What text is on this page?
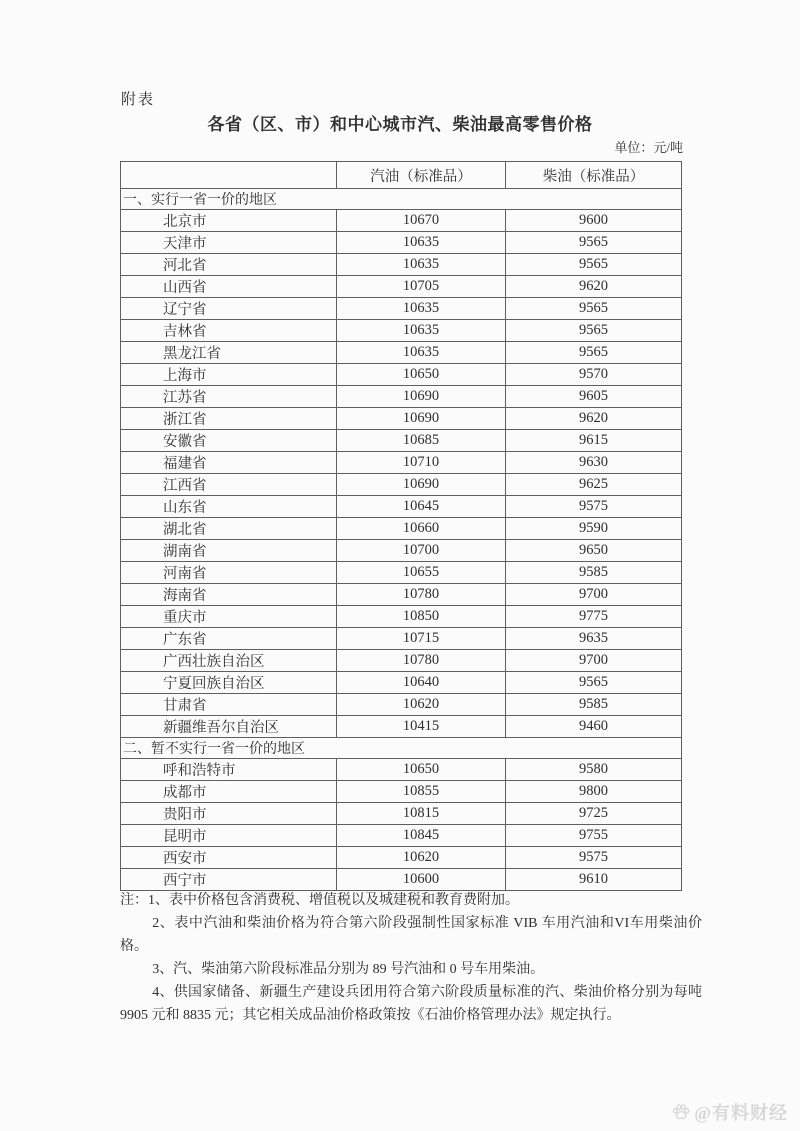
附表
各省（区、市）和中心城市汽、柴油最高零售价格
单位：元/吨
	汽油（标准品）	柴油（标准品）
一、实行一省一价的地区		
北京市	10670	9600
天津市	10635	9565
河北省	10635	9565
山西省	10705	9620
辽宁省	10635	9565
吉林省	10635	9565
黑龙江省	10635	9565
上海市	10650	9570
江苏省	10690	9605
浙江省	10690	9620
安徽省	10685	9615
福建省	10710	9630
江西省	10690	9625
山东省	10645	9575
湖北省	10660	9590
湖南省	10700	9650
河南省	10655	9585
海南省	10780	9700
重庆市	10850	9775
广东省	10715	9635
广西壮族自治区	10780	9700
宁夏回族自治区	10640	9565
甘肃省	10620	9585
新疆维吾尔自治区	10415	9460
二、暂不实行一省一价的地区		
呼和浩特市	10650	9580
成都市	10855	9800
贵阳市	10815	9725
昆明市	10845	9755
西安市	10620	9575
西宁市	10600	9610

注：1、表中价格包含消费税、增值税以及城建税和教育费附加。

2、表中汽油和柴油价格为符合第六阶段强制性国家标准 VIB 车用汽油和VI车用柴油价格。

3、汽、柴油第六阶段标准品分别为 89 号汽油和 0 号车用柴油。

4、供国家储备、新疆生产建设兵团用符合第六阶段质量标准的汽、柴油价格分别为每吨 9905 元和 8835 元；其它相关成品油价格政策按《石油价格管理办法》规定执行。

@有料财经
